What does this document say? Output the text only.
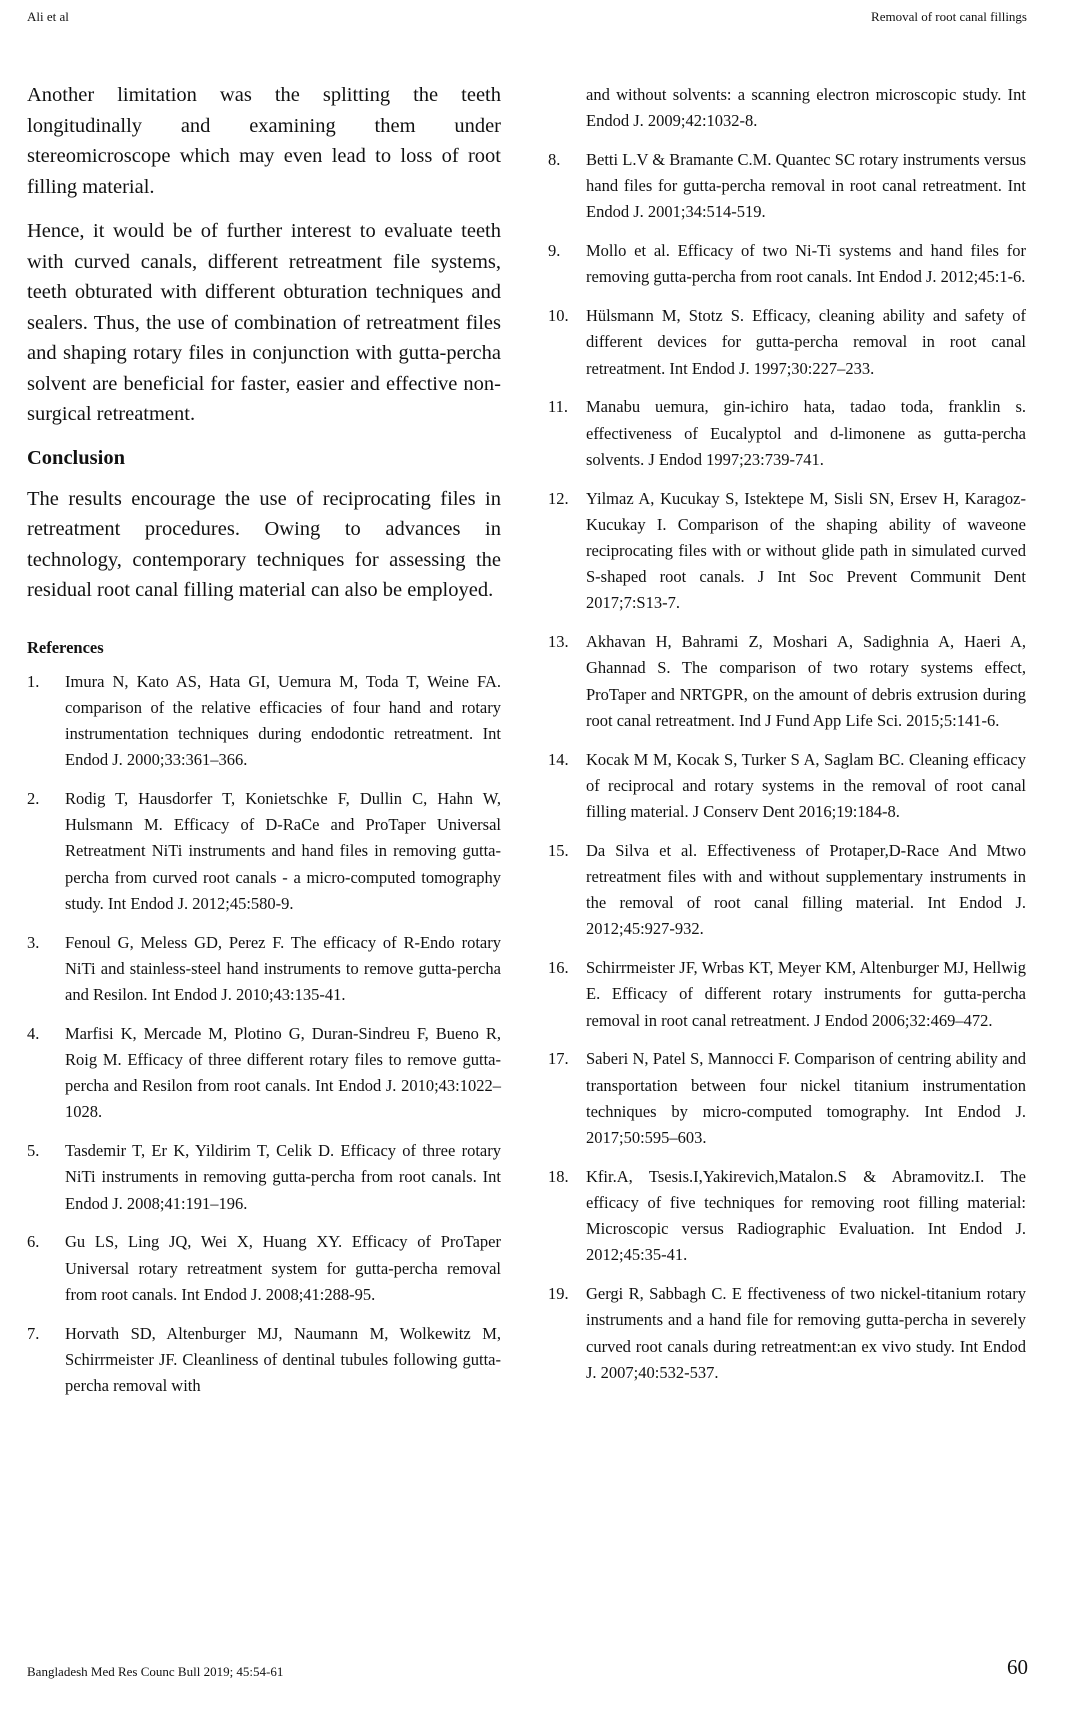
Ali et al	Removal of root canal fillings

Another limitation was the splitting the teeth longitudinally and examining them under stereomicroscope which may even lead to loss of root filling material.

Hence, it would be of further interest to evaluate teeth with curved canals, different retreatment file systems, teeth obturated with different obturation techniques and sealers. Thus, the use of combination of retreatment files and shaping rotary files in conjunction with gutta-percha solvent are beneficial for faster, easier and effective non-surgical retreatment.

Conclusion

The results encourage the use of reciprocating files in retreatment procedures. Owing to advances in technology, contemporary techniques for assessing the residual root canal filling material can also be employed.

References
1.	Imura N, Kato AS, Hata GI, Uemura M, Toda T, Weine FA. comparison of the relative efficacies of four hand and rotary instrumentation techniques during endodontic retreatment. Int Endod J. 2000;33:361–366.
2.	Rodig T, Hausdorfer T, Konietschke F, Dullin C, Hahn W, Hulsmann M. Efficacy of D-RaCe and ProTaper Universal Retreatment NiTi instruments and hand files in removing gutta-percha from curved root canals - a micro-computed tomography study. Int Endod J. 2012;45:580-9.
3.	Fenoul G, Meless GD, Perez F. The efficacy of R-Endo rotary NiTi and stainless-steel hand instruments to remove gutta-percha and Resilon. Int Endod J. 2010;43:135-41.
4.	Marfisi K, Mercade M, Plotino G, Duran-Sindreu F, Bueno R, Roig M. Efficacy of three different rotary files to remove gutta-percha and Resilon from root canals. Int Endod J. 2010;43:1022–1028.
5.	Tasdemir T, Er K, Yildirim T, Celik D. Efficacy of three rotary NiTi instruments in removing gutta-percha from root canals. Int Endod J. 2008;41:191–196.
6.	Gu LS, Ling JQ, Wei X, Huang XY. Efficacy of ProTaper Universal rotary retreatment system for gutta-percha removal from root canals. Int Endod J. 2008;41:288-95.
7.	Horvath SD, Altenburger MJ, Naumann M, Wolkewitz M, Schirrmeister JF. Cleanliness of dentinal tubules following gutta-percha removal with
and without solvents: a scanning electron microscopic study. Int Endod J. 2009;42:1032-8.
8.	Betti L.V & Bramante C.M. Quantec SC rotary instruments versus hand files for gutta-percha removal in root canal retreatment. Int Endod J. 2001;34:514-519.
9.	Mollo et al. Efficacy of two Ni-Ti systems and hand files for removing gutta-percha from root canals. Int Endod J. 2012;45:1-6.
10.	Hülsmann M, Stotz S. Efficacy, cleaning ability and safety of different devices for gutta-percha removal in root canal retreatment. Int Endod J. 1997;30:227–233.
11.	Manabu uemura, gin-ichiro hata, tadao toda, franklin s. effectiveness of Eucalyptol and d-limonene as gutta-percha solvents. J Endod 1997;23:739-741.
12.	Yilmaz A, Kucukay S, Istektepe M, Sisli SN, Ersev H, Karagoz-Kucukay I. Comparison of the shaping ability of waveone reciprocating files with or without glide path in simulated curved S-shaped root canals. J Int Soc Prevent Communit Dent 2017;7:S13-7.
13.	Akhavan H, Bahrami Z, Moshari A, Sadighnia A, Haeri A, Ghannad S. The comparison of two rotary systems effect, ProTaper and NRTGPR, on the amount of debris extrusion during root canal retreatment. Ind J Fund App Life Sci. 2015;5:141-6.
14.	Kocak M M, Kocak S, Turker S A, Saglam BC. Cleaning efficacy of reciprocal and rotary systems in the removal of root canal filling material. J Conserv Dent 2016;19:184-8.
15.	Da Silva et al. Effectiveness of Protaper,D-Race And Mtwo retreatment files with and without supplementary instruments in the removal of root canal filling material. Int Endod J. 2012;45:927-932.
16.	Schirrmeister JF, Wrbas KT, Meyer KM, Altenburger MJ, Hellwig E. Efficacy of different rotary instruments for gutta-percha removal in root canal retreatment. J Endod 2006;32:469–472.
17.	Saberi N, Patel S, Mannocci F. Comparison of centring ability and transportation between four nickel titanium instrumentation techniques by micro-computed tomography. Int Endod J. 2017;50:595–603.
18.	Kfir.A, Tsesis.I,Yakirevich,Matalon.S & Abramovitz.I. The efficacy of five techniques for removing root filling material: Microscopic versus Radiographic Evaluation. Int Endod J. 2012;45:35-41.
19.	Gergi R, Sabbagh C. E ffectiveness of two nickel-titanium rotary instruments and a hand file for removing gutta-percha in severely curved root canals during retreatment:an ex vivo study. Int Endod J. 2007;40:532-537.
Bangladesh Med Res Counc Bull 2019; 45:54-61	60
